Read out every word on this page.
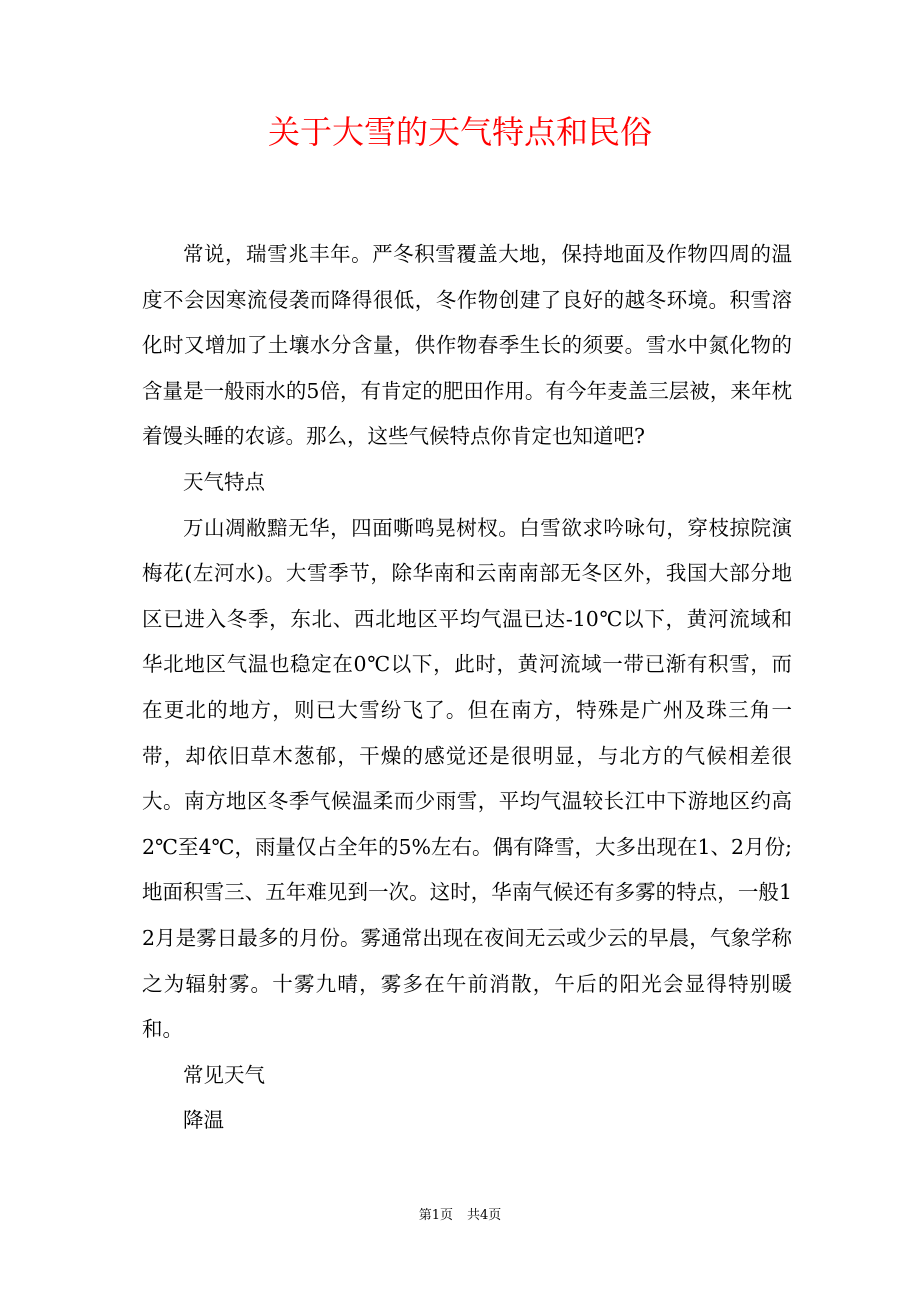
关于大雪的天气特点和民俗

常说，瑞雪兆丰年。严冬积雪覆盖大地，保持地面及作物四周的温度不会因寒流侵袭而降得很低，冬作物创建了良好的越冬环境。积雪溶化时又增加了土壤水分含量，供作物春季生长的须要。雪水中氮化物的含量是一般雨水的5倍，有肯定的肥田作用。有今年麦盖三层被，来年枕着馒头睡的农谚。那么，这些气候特点你肯定也知道吧?

天气特点

万山凋敝黯无华，四面嘶鸣晃树杈。白雪欲求吟咏句，穿枝掠院演梅花(左河水)。大雪季节，除华南和云南南部无冬区外，我国大部分地区已进入冬季，东北、西北地区平均气温已达-10℃以下，黄河流域和华北地区气温也稳定在0℃以下，此时，黄河流域一带已渐有积雪，而在更北的地方，则已大雪纷飞了。但在南方，特殊是广州及珠三角一带，却依旧草木葱郁，干燥的感觉还是很明显，与北方的气候相差很大。南方地区冬季气候温柔而少雨雪，平均气温较长江中下游地区约高2℃至4℃，雨量仅占全年的5%左右。偶有降雪，大多出现在1、2月份;地面积雪三、五年难见到一次。这时，华南气候还有多雾的特点，一般12月是雾日最多的月份。雾通常出现在夜间无云或少云的早晨，气象学称之为辐射雾。十雾九晴，雾多在午前消散，午后的阳光会显得特别暖和。

常见天气

降温

第1页 共4页
